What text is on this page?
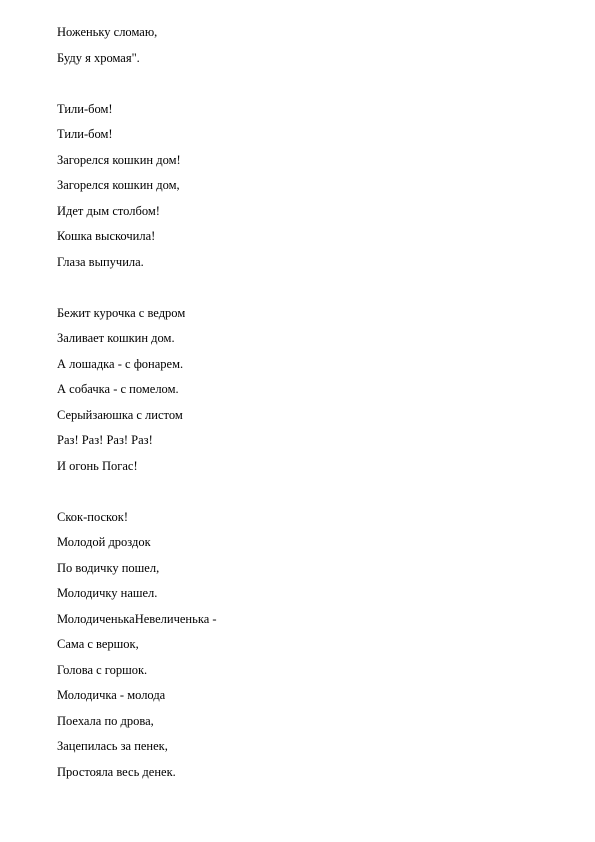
Ноженьку сломаю,
Буду я хромая".
Тили-бом!
Тили-бом!
Загорелся кошкин дом!
Загорелся кошкин дом,
Идет дым столбом!
Кошка выскочила!
Глаза выпучила.
Бежит курочка с ведром
Заливает кошкин дом.
А лошадка - с фонарем.
А собачка - с помелом.
Серыйзаюшка с листом
Раз! Раз! Раз! Раз!
И огонь Погас!
Скок-поскок!
Молодой дроздок
По водичку пошел,
Молодичку нашел.
МолодиченькаНевеличенька -
Сама с вершок,
Голова с горшок.
Молодичка - молода
Поехала по дрова,
Зацепилась за пенек,
Простояла весь денек.
